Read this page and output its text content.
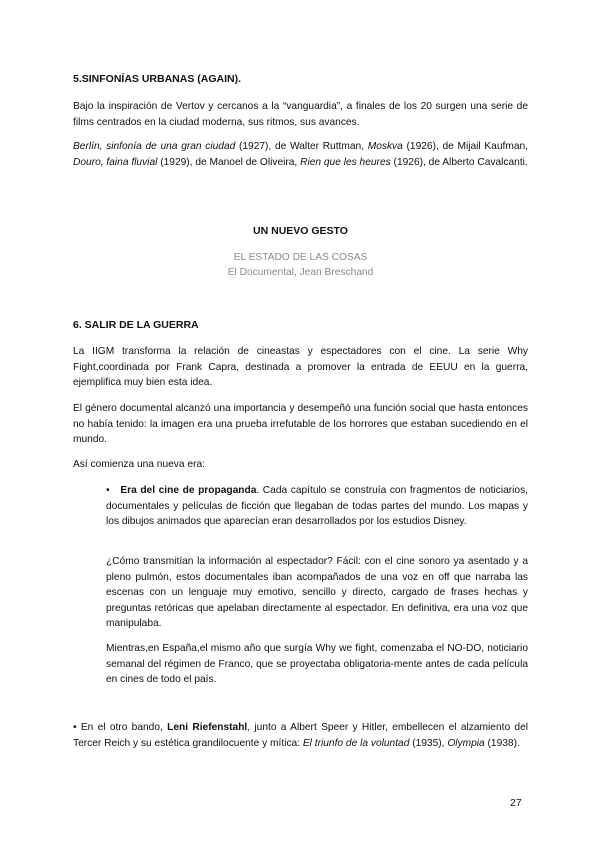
5.SINFONÍAS URBANAS (AGAIN).

Bajo la inspiración de Vertov y cercanos a la “vanguardia”, a finales de los 20 surgen una serie de films centrados en la ciudad moderna, sus ritmos, sus avances.

Berlín, sinfonía de una gran ciudad (1927), de Walter Ruttman, Moskva (1926), de Mijail Kaufman, Douro, faina fluvial (1929), de Manoel de Oliveira, Rien que les heures (1926), de Alberto Cavalcanti.

UN NUEVO GESTO
EL ESTADO DE LAS COSAS
El Documental, Jean Breschand
6. SALIR DE LA GUERRA

La IIGM transforma la relación de cineastas y espectadores con el cine. La serie Why Fight,coordinada por Frank Capra, destinada a promover la entrada de EEUU en la guerra, ejemplifica muy bien esta idea.

El género documental alcanzó una importancia y desempeñó una función social que hasta entonces no había tenido: la imagen era una prueba irrefutable de los horrores que estaban sucediendo en el mundo.

Así comienza una nueva era:

• Era del cine de propaganda. Cada capítulo se construía con fragmentos de noticiarios, documentales y películas de ficción que llegaban de todas partes del mundo. Los mapas y los dibujos animados que aparecían eran desarrollados por los estudios Disney.

¿Cómo transmitían la información al espectador? Fácil: con el cine sonoro ya asentado y a pleno pulmón, estos documentales iban acompañados de una voz en off que narraba las escenas con un lenguaje muy emotivo, sencillo y directo, cargado de frases hechas y preguntas retóricas que apelaban directamente al espectador. En definitiva, era una voz que manipulaba.

Mientras,en España,el mismo año que surgía Why we fight, comenzaba el NO-DO, noticiario semanal del régimen de Franco, que se proyectaba obligatoria-mente antes de cada película en cines de todo el país.

• En el otro bando, Leni Riefenstahl, junto a Albert Speer y Hitler, embellecen el alzamiento del Tercer Reich y su estética grandilocuente y mítica: El triunfo de la voluntad (1935), Olympia (1938).

27
